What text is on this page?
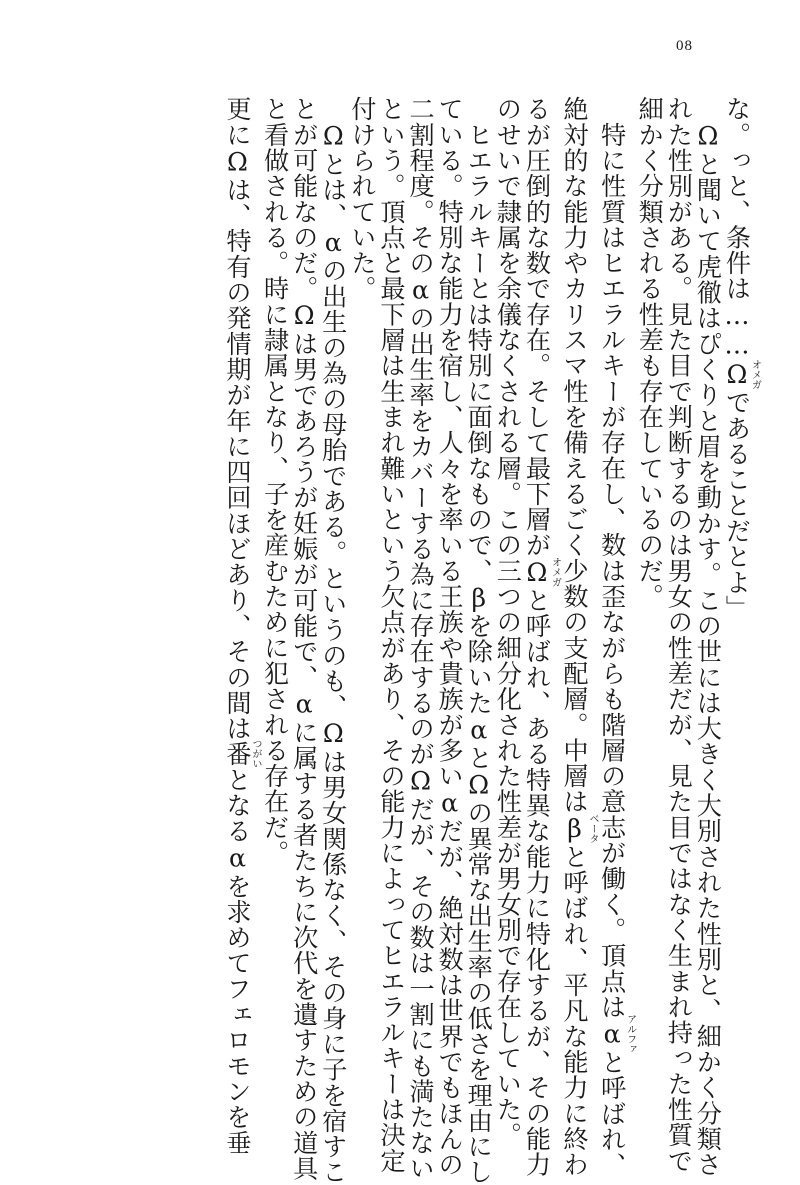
08
な。っと、条件は……Ωオメガであることだとよ」
　Ωと聞いて虎徹はぴくりと眉を動かす。この世には大きく大別された性別と、細かく分類さ
れた性別がある。見た目で判断するのは男女の性差だが、見た目ではなく生まれ持った性質で
細かく分類される性差も存在しているのだ。
　特に性質はヒエラルキーが存在し、数は歪ながらも階層の意志が働く。頂点はαアルファと呼ばれ、
絶対的な能力やカリスマ性を備えるごく少数の支配層。中層はβベータと呼ばれ、平凡な能力に終わ
るが圧倒的な数で存在。そして最下層がΩオメガと呼ばれ、ある特異な能力に特化するが、その能力
のせいで隷属を余儀なくされる層。この三つの細分化された性差が男女別で存在していた。
　ヒエラルキーとは特別に面倒なもので、βを除いたαとΩの異常な出生率の低さを理由にし
ている。特別な能力を宿し、人々を率いる王族や貴族が多いαだが、絶対数は世界でもほんの
二割程度。そのαの出生率をカバーする為に存在するのがΩだが、その数は一割にも満たない
という。頂点と最下層は生まれ難いという欠点があり、その能力によってヒエラルキーは決定
付けられていた。
　Ωとは、αの出生の為の母胎である。というのも、Ωは男女関係なく、その身に子を宿すこ
とが可能なのだ。Ωは男であろうが妊娠が可能で、αに属する者たちに次代を遺すための道具
と看做される。時に隷属となり、子を産むために犯される存在だ。
更にΩは、特有の発情期が年に四回ほどあり、その間は番つがいとなるαを求めてフェロモンを垂
